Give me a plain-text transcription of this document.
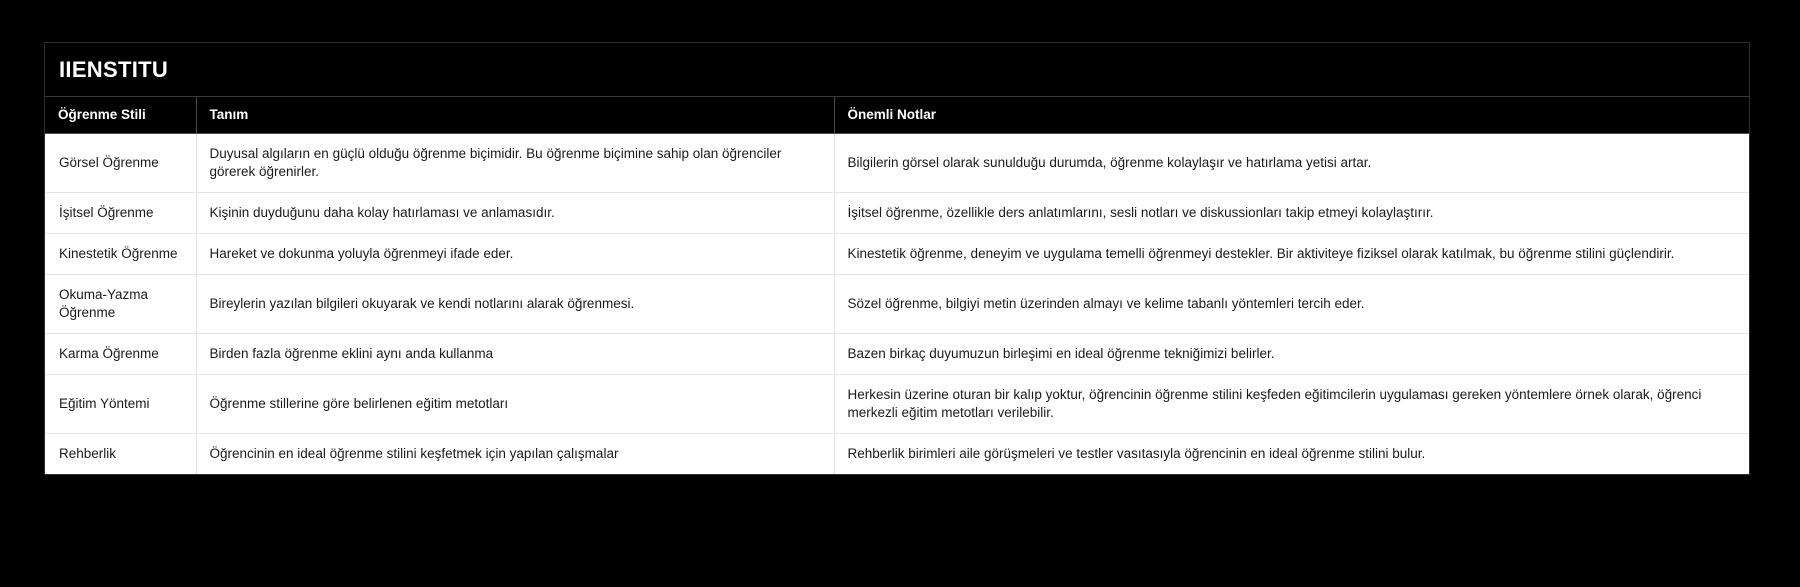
IIENSTITU
Öğrenme Stili	Tanım	Önemli Notlar
Görsel Öğrenme	Duyusal algıların en güçlü olduğu öğrenme biçimidir. Bu öğrenme biçimine sahip olan öğrenciler görerek öğrenirler.	Bilgilerin görsel olarak sunulduğu durumda, öğrenme kolaylaşır ve hatırlama yetisi artar.
İşitsel Öğrenme	Kişinin duyduğunu daha kolay hatırlaması ve anlamasıdır.	İşitsel öğrenme, özellikle ders anlatımlarını, sesli notları ve diskussionları takip etmeyi kolaylaştırır.
Kinestetik Öğrenme	Hareket ve dokunma yoluyla öğrenmeyi ifade eder.	Kinestetik öğrenme, deneyim ve uygulama temelli öğrenmeyi destekler. Bir aktiviteye fiziksel olarak katılmak, bu öğrenme stilini güçlendirir.
Okuma-Yazma Öğrenme	Bireylerin yazılan bilgileri okuyarak ve kendi notlarını alarak öğrenmesi.	Sözel öğrenme, bilgiyi metin üzerinden almayı ve kelime tabanlı yöntemleri tercih eder.
Karma Öğrenme	Birden fazla öğrenme eklini aynı anda kullanma	Bazen birkaç duyumuzun birleşimi en ideal öğrenme tekniğimizi belirler.
Eğitim Yöntemi	Öğrenme stillerine göre belirlenen eğitim metotları	Herkesin üzerine oturan bir kalıp yoktur, öğrencinin öğrenme stilini keşfeden eğitimcilerin uygulaması gereken yöntemlere örnek olarak, öğrenci merkezli eğitim metotları verilebilir.
Rehberlik	Öğrencinin en ideal öğrenme stilini keşfetmek için yapılan çalışmalar	Rehberlik birimleri aile görüşmeleri ve testler vasıtasıyla öğrencinin en ideal öğrenme stilini bulur.
